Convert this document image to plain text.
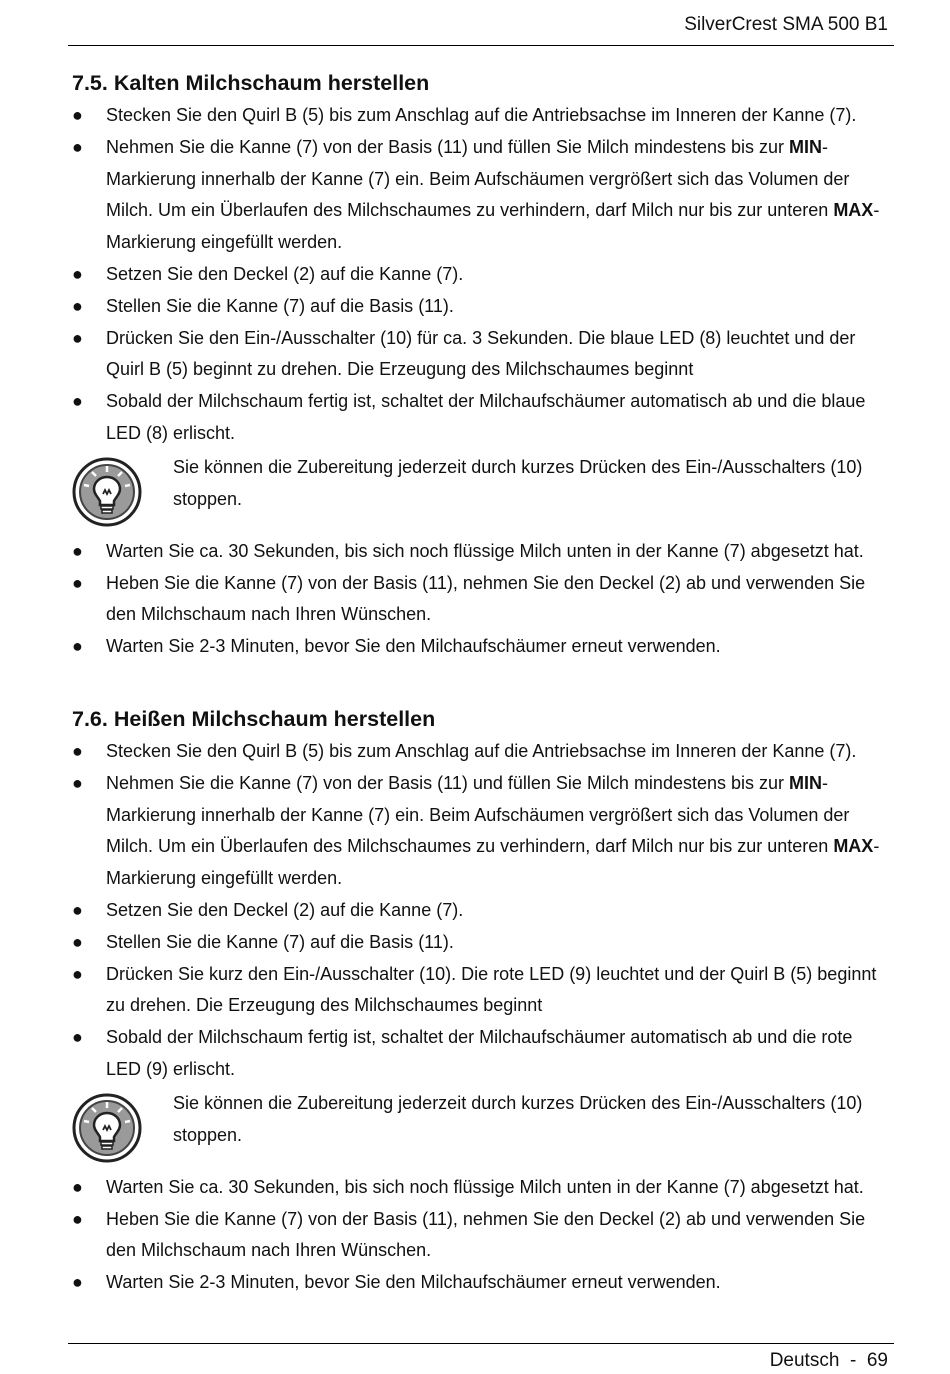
SilverCrest SMA 500 B1
7.5. Kalten Milchschaum herstellen
● Stecken Sie den Quirl B (5) bis zum Anschlag auf die Antriebsachse im Inneren der Kanne (7).
● Nehmen Sie die Kanne (7) von der Basis (11) und füllen Sie Milch mindestens bis zur MIN-Markierung innerhalb der Kanne (7) ein. Beim Aufschäumen vergrößert sich das Volumen der Milch. Um ein Überlaufen des Milchschaumes zu verhindern, darf Milch nur bis zur unteren MAX-Markierung eingefüllt werden.
● Setzen Sie den Deckel (2) auf die Kanne (7).
● Stellen Sie die Kanne (7) auf die Basis (11).
● Drücken Sie den Ein-/Ausschalter (10) für ca. 3 Sekunden. Die blaue LED (8) leuchtet und der Quirl B (5) beginnt zu drehen. Die Erzeugung des Milchschaumes beginnt
● Sobald der Milchschaum fertig ist, schaltet der Milchaufschäumer automatisch ab und die blaue LED (8) erlischt.
Sie können die Zubereitung jederzeit durch kurzes Drücken des Ein-/Ausschalters (10) stoppen.
● Warten Sie ca. 30 Sekunden, bis sich noch flüssige Milch unten in der Kanne (7) abgesetzt hat.
● Heben Sie die Kanne (7) von der Basis (11), nehmen Sie den Deckel (2) ab und verwenden Sie den Milchschaum nach Ihren Wünschen.
● Warten Sie 2-3 Minuten, bevor Sie den Milchaufschäumer erneut verwenden.
7.6. Heißen Milchschaum herstellen
● Stecken Sie den Quirl B (5) bis zum Anschlag auf die Antriebsachse im Inneren der Kanne (7).
● Nehmen Sie die Kanne (7) von der Basis (11) und füllen Sie Milch mindestens bis zur MIN-Markierung innerhalb der Kanne (7) ein. Beim Aufschäumen vergrößert sich das Volumen der Milch. Um ein Überlaufen des Milchschaumes zu verhindern, darf Milch nur bis zur unteren MAX-Markierung eingefüllt werden.
● Setzen Sie den Deckel (2) auf die Kanne (7).
● Stellen Sie die Kanne (7) auf die Basis (11).
● Drücken Sie kurz den Ein-/Ausschalter (10). Die rote LED (9) leuchtet und der Quirl B (5) beginnt zu drehen. Die Erzeugung des Milchschaumes beginnt
● Sobald der Milchschaum fertig ist, schaltet der Milchaufschäumer automatisch ab und die rote LED (9) erlischt.
Sie können die Zubereitung jederzeit durch kurzes Drücken des Ein-/Ausschalters (10) stoppen.
● Warten Sie ca. 30 Sekunden, bis sich noch flüssige Milch unten in der Kanne (7) abgesetzt hat.
● Heben Sie die Kanne (7) von der Basis (11), nehmen Sie den Deckel (2) ab und verwenden Sie den Milchschaum nach Ihren Wünschen.
● Warten Sie 2-3 Minuten, bevor Sie den Milchaufschäumer erneut verwenden.
Deutsch - 69
